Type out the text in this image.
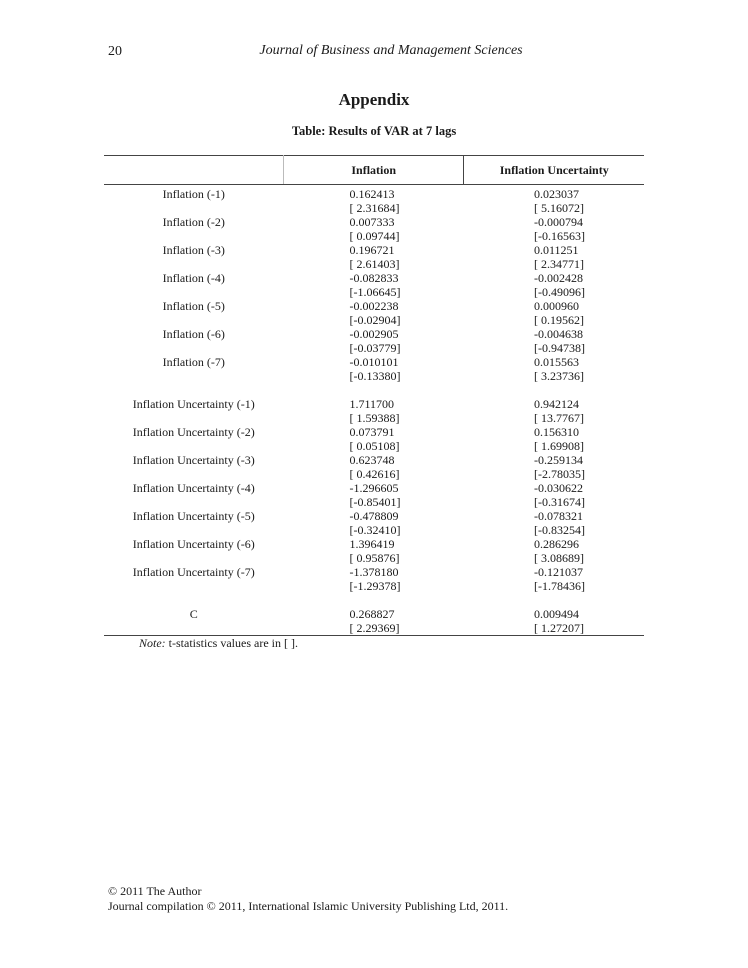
20	Journal of Business and Management Sciences
Appendix
Table: Results of VAR at 7 lags
	Inflation	Inflation Uncertainty
Inflation (-1)	0.162413	0.023037
	[ 2.31684]	[ 5.16072]
Inflation (-2)	0.007333	-0.000794
	[ 0.09744]	[-0.16563]
Inflation (-3)	0.196721	0.011251
	[ 2.61403]	[ 2.34771]
Inflation (-4)	-0.082833	-0.002428
	[-1.06645]	[-0.49096]
Inflation (-5)	-0.002238	0.000960
	[-0.02904]	[ 0.19562]
Inflation (-6)	-0.002905	-0.004638
	[-0.03779]	[-0.94738]
Inflation (-7)	-0.010101	0.015563
	[-0.13380]	[ 3.23736]

Inflation Uncertainty (-1)	1.711700	0.942124
	[ 1.59388]	[ 13.7767]
Inflation Uncertainty (-2)	0.073791	0.156310
	[ 0.05108]	[ 1.69908]
Inflation Uncertainty (-3)	0.623748	-0.259134
	[ 0.42616]	[-2.78035]
Inflation Uncertainty (-4)	-1.296605	-0.030622
	[-0.85401]	[-0.31674]
Inflation Uncertainty (-5)	-0.478809	-0.078321
	[-0.32410]	[-0.83254]
Inflation Uncertainty (-6)	1.396419	0.286296
	[ 0.95876]	[ 3.08689]
Inflation Uncertainty (-7)	-1.378180	-0.121037
	[-1.29378]	[-1.78436]

C	0.268827	0.009494
	[ 2.29369]	[ 1.27207]
Note: t-statistics values are in [ ].
© 2011 The Author
Journal compilation © 2011, International Islamic University Publishing Ltd, 2011.
